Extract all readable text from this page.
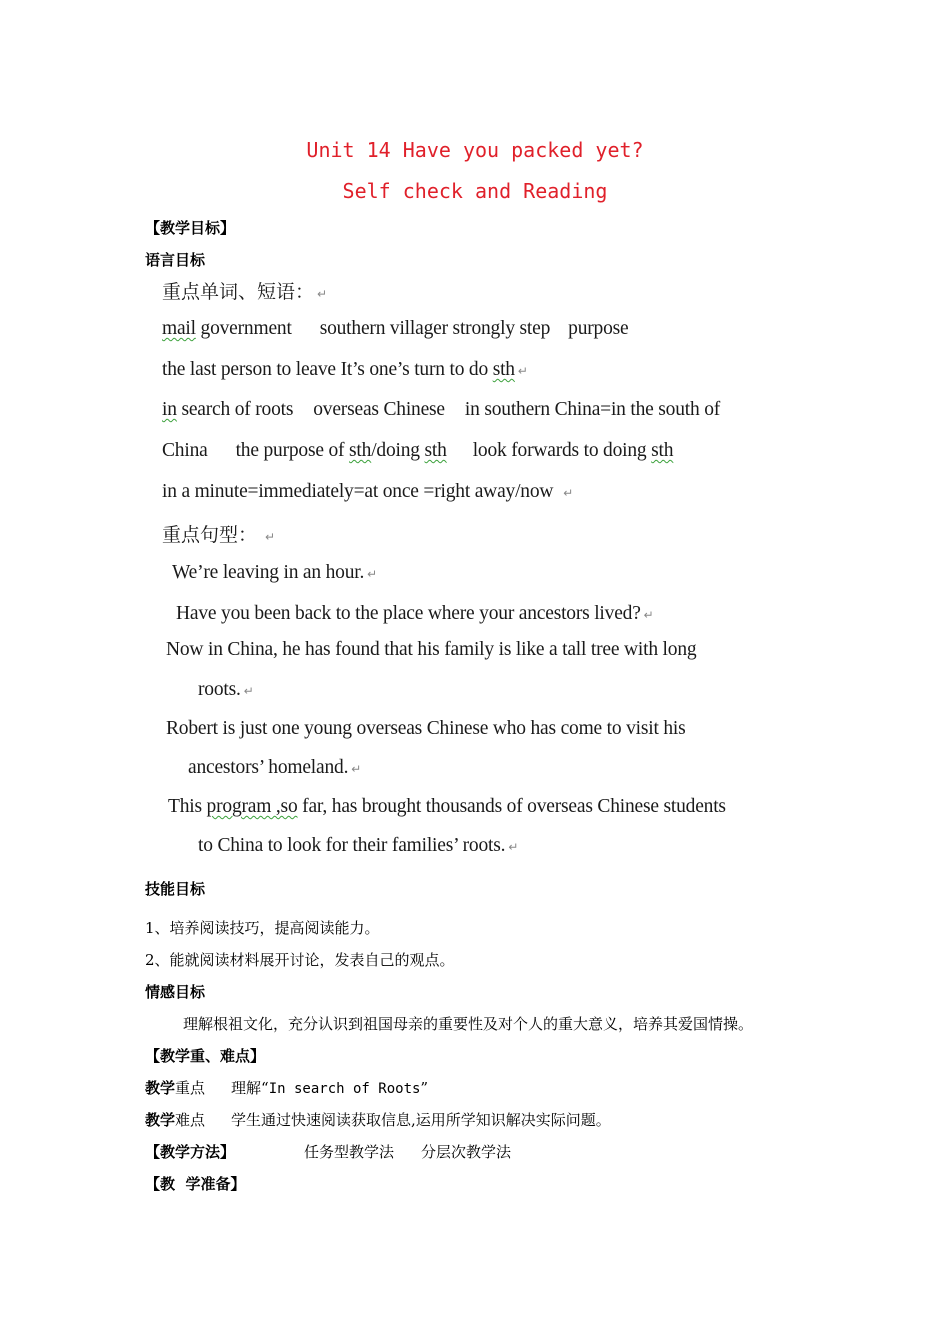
Unit 14 Have you packed yet?
Self check and Reading
【教学目标】
语言目标
重点单词、短语： ↵
mail government southern villager strongly step purpose
the last person to leave It’s one’s turn to do sth ↵
in search of roots overseas Chinese in southern China=in the south of
China the purpose of sth/doing sth look forwards to doing sth
in a minute=immediately=at once =right away/now ↵
重点句型： ↵
We’re leaving in an hour. ↵
Have you been back to the place where your ancestors lived? ↵
Now in China, he has found that his family is like a tall tree with long
roots. ↵
Robert is just one young overseas Chinese who has come to visit his
ancestors’ homeland. ↵
This program ,so far, has brought thousands of overseas Chinese students
to China to look for their families’ roots. ↵
技能目标
1、培养阅读技巧，提高阅读能力。
2、能就阅读材料展开讨论，发表自己的观点。
情感目标
理解根祖文化，充分认识到祖国母亲的重要性及对个人的重大意义，培养其爱国情操。
【教学重、难点】
教学重点 理解“In search of Roots”
教学难点 学生通过快速阅读获取信息,运用所学知识解决实际问题。
【教学方法】	任务型教学法 分层次教学法
【教  学准备】
